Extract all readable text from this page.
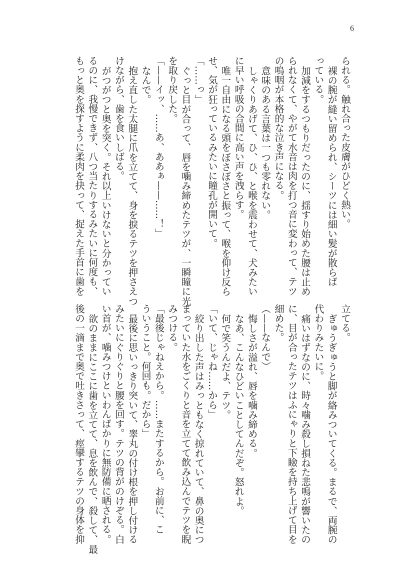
6
られる。触れ合った皮膚がひどく熱い。
裸の腕が縫い留められ、シーツには細い髪が散らば
っている。
加減をするつもりだったのに、揺すり始めた腰は止め
られなくて、やがて水音は肉を打つ音に変わって、テツ
の嗚咽が本格的な泣き声になる。
意味のある言葉は一つも零れない。
しゃくりあげて、ひ、ひ、と喉を震わせて、犬みたい
に早い呼吸の合間に高い声を洩らす。
唯一自由になる頭をぼさぼさと振って、喉を仰け反ら
せ、気が狂っているみたいに瞳孔が開いて。
「……っ」
ぐっと目が合って、唇を噛み締めたテツが、一瞬瞳に光
を取り戻した。
「——イッ、……あ、ああぁ——……！」
なんで。
抱え直した太腿に爪を立てて、身を捩るテツを押さえつ
けながら、歯を食いしばる。
がつがつと奥を突く。それ以上いけないと分かってい
るのに、我慢できず、八つ当たりするみたいに何度も、
もっと奥を探すように柔肉を抉って、捉えた手首に歯を
立てる。
ぎゅうぎゅうと脚が絡みついてくる。まるで、両腕の
代わりみたいに。
痛いはずなのに、時々噛み殺し損ねた悲鳴が響いたの
に、目が合ったテツはふにゃりと下瞼を持ち上げて目を
細めた。
（——なんで）
悔しさが溢れ、唇を噛み締める。
なあ、こんなひどいことしてんだぞ。怒れよ。
何で笑うんだよ、テツ。
「いて、じゃね……から」
絞り出した声はみっともなく掠れていて、鼻の奥につ
まっていた水をごくりと音を立てて飲み込んでテツを睨
みつける。
「最後じゃねえから。……またするから。お前に、こ
ういうこと。何回も。だから」
最後に思いっきり突いて、睾丸の付け根を押し付ける
みたいにぐりぐりと腰を回す。テツの背がのけぞる。白
い首が、噛みつけといわんばかりに無防備に晒される。
欲のままにここに歯を立てて、息を飲んで、殺して、最
後の一滴まで奥で吐きさって、痙攣するテツの身体を抑
